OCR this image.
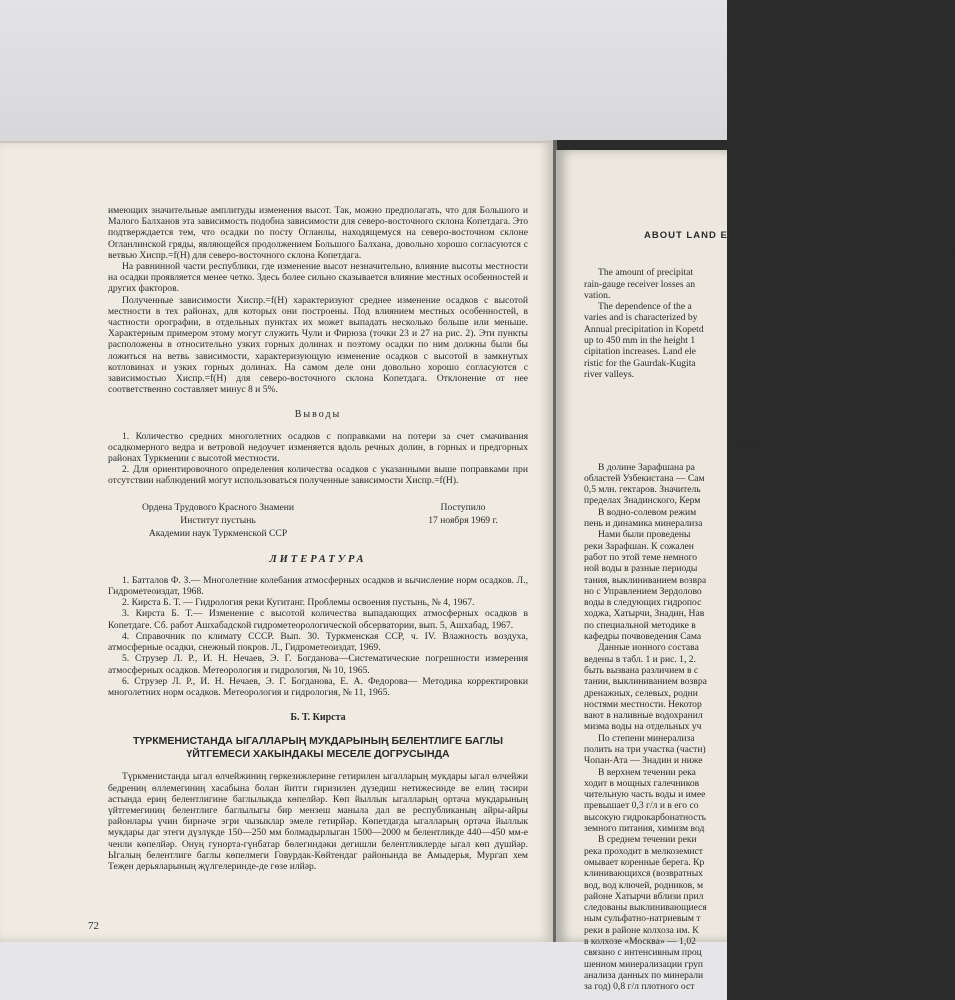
ABOUT LAND EL
H

The amount of precipitat

rain-gauge receiver losses an

vation.

The dependence of the a

varies and is characterized by

Annual precipitation in Kopetd

up to 450 mm in the height 1

cipitation increases. Land ele

ristic for the Gaurdak-Kugita

river valleys.

ХИМ

В долине Зарафшана ра

областей Узбекистана — Сам

0,5 млн. гектаров. Значитель

пределах Знадинского, Керм

В водно-солевом режим

пень и динамика минерализа

Нами были проведены

реки Зарафшан. К сожален

работ по этой теме немного

ной воды в разные периоды

тания, выклиниванием возвра

но с Управлением Зердолово

воды в следующих гидропос

ходжа, Хатырчи, Знадин, Нав

по специальной методике в

кафедры почвоведения Сама

Данные ионного состава

ведены в табл. 1 и рис. 1, 2.

быть вызвана различием в с

тании, выклиниванием возвра

дренажных, селевых, родни

ностями местности. Некотор

вают в наливные водохранил

мизма воды на отдельных уч

По степени минерализа

полить на три участка (части)

Чопан-Ата — Знадин и ниже

В верхнем течении река

ходит в мощных галечников

чительную часть воды и имее

превышает 0,3 г/л и в его со

высокую гидрокарбонатность

земного питания, химизм вод

В среднем течении реки

река проходит в мелкоземист

омывает коренные берега. Кр

клинивающихся (возвратных

вод, вод ключей, родников, м

районе Хатырчи вблизи прил

следованы выклинивающиеся

ным сульфатно-натриевым т

реки в районе колхоза им. К

в колхозе «Москва» — 1,02

связано с интенсивным проц

шенном минерализации груп

анализа данных по минерали

за год) 0,8 г/л плотного ост

имеющих значительные амплитуды изменения высот. Так, можно предполагать, что для Большого и Малого Балханов эта зависимость подобна зависимости для северо-восточного склона Копетдага. Это подтверждается тем, что осадки по посту Огланлы, находящемуся на северо-восточном склоне Огланлинской гряды, являющейся продолжением Большого Балхана, довольно хорошо согласуются с ветвью Xиспр.=f(H) для северо-восточного склона Копетдага.

На равнинной части республики, где изменение высот незначительно, влияние высоты местности на осадки проявляется менее четко. Здесь более сильно сказывается влияние местных особенностей и других факторов.

Полученные зависимости Xиспр.=f(H) характеризуют среднее изменение осадков с высотой местности в тех районах, для которых они построены. Под влиянием местных особенностей, в частности орографии, в отдельных пунктах их может выпадать несколько больше или меньше. Характерным примером этому могут служить Чули и Фирюза (точки 23 и 27 на рис. 2). Эти пункты расположены в относительно узких горных долинах и поэтому осадки по ним должны были бы ложиться на ветвь зависимости, характеризующую изменение осадков с высотой в замкнутых котловинах и узких горных долинах. На самом деле они довольно хорошо согласуются с зависимостью Xиспр.=f(H) для северо-восточного склона Копетдага. Отклонение от нее соответственно составляет минус 8 и 5%.

Выводы

1. Количество средних многолетних осадков с поправками на потери за счет смачивания осадкомерного ведра и ветровой недоучет изменяется вдоль речных долин, в горных и предгорных районах Туркмении с высотой местности.

2. Для ориентировочного определения количества осадков с указанными выше поправками при отсутствии наблюдений могут использоваться полученные зависимости Xиспр.=f(H).

Ордена Трудового Красного Знамени
Институт пустынь
Академии наук Туркменской ССР
Поступило
17 ноября 1969 г.
ЛИТЕРАТУРА

1. Батталов Ф. З.— Многолетние колебания атмосферных осадков и вычисление норм осадков. Л., Гидрометеоиздат, 1968.

2. Кирста Б. Т. — Гидрология реки Кугитанг. Проблемы освоения пустынь, № 4, 1967.

3. Кирста Б. Т.— Изменение с высотой количества выпадающих атмосферных осадков в Копетдаге. Сб. работ Ашхабадской гидрометеорологической обсерватории, вып. 5, Ашхабад, 1967.

4. Справочник по климату СССР. Вып. 30. Туркменская ССР, ч. IV. Влажность воздуха, атмосферные осадки, снежный покров. Л., Гидрометеоиздат, 1969.

5. Струзер Л. Р., И. Н. Нечаев, Э. Г. Богданова—Систематические погрешности измерения атмосферных осадков. Метеорология и гидрология, № 10, 1965.

6. Струзер Л. Р., И. Н. Нечаев, Э. Г. Богданова, Е. А. Федорова— Методика корректировки многолетних норм осадков. Метеорология и гидрология, № 11, 1965.

Б. Т. Кирста
ТҮРКМЕНИСТАНДА ЫГАЛЛАРЫҢ МУКДАРЫНЫҢ БЕЛЕНТЛИГЕ БАГЛЫ
ҮЙТГЕМЕСИ ХАКЫНДАКЫ МЕСЕЛЕ ДОГРУСЫНДА

Түркменистанда ыгал өлчейжиниң гөркезижлерине гетирилен ыгалларың мукдары ыгал өлчейжи бедрениң өллемегиниң хасабына болан йитги гиризилен дүзедиш нетижесинде ве елиң тәсири астында ериң белентлигине баглылыкда көпелйәр. Көп йыллык ыгалларың ортача мукдарының үйтгемегиниң белентлиге баглылыгы бир мензеш маныла дал ве республиканың айры-айры районлары үчин бирнәче эгри чызыклар эмеле гетирйәр. Көпетдагда ыгалларың ортача йыллык мукдары даг этеги дүзлүкде 150—250 мм болмадырлыган 1500—2000 м белентликде 440—450 мм-е ченли көпелйәр. Онуң гунорта-гүнбатар бөлегиндәки дегишли белентликлерде ыгал көп дүшйәр. Ыгалың белентлиге баглы көпелмеги Говурдак-Көйтендаг районында ве Амыдерья, Мургап хем Теҗен дерьяларының җүлгелеринде-де гөзе илйәр.

72
